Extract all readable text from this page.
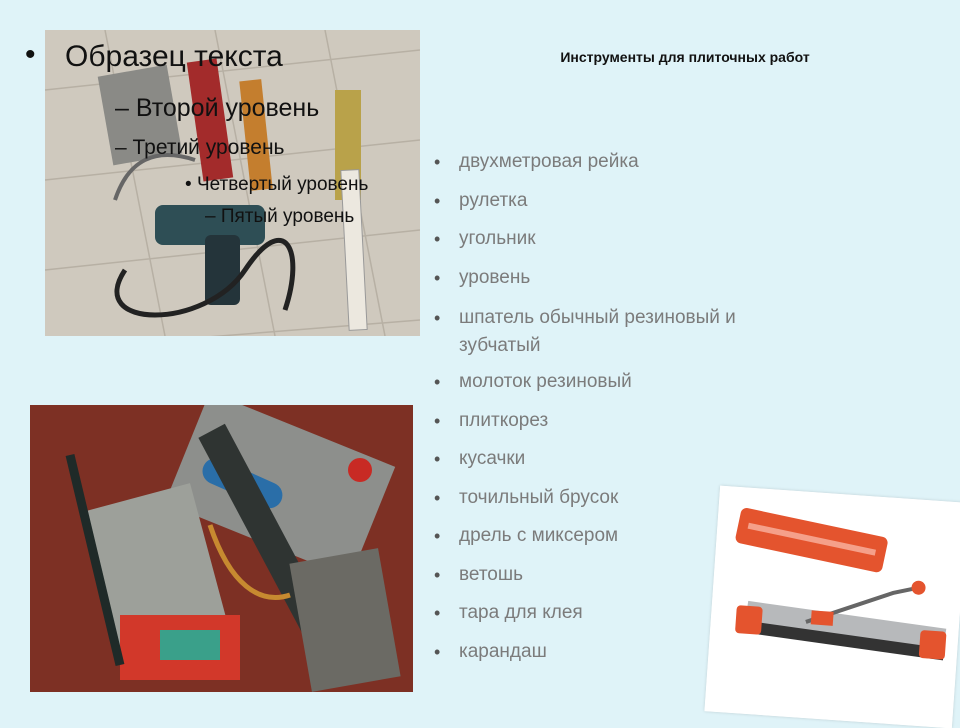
• Образец текста
– Второй уровень
– Третий уровень
• Четвертый уровень
– Пятый уровень
Инструменты для плиточных работ
• двухметровая рейка
• рулетка
• угольник
• уровень
• шпатель обычный резиновый и зубчатый
• молоток резиновый
• плиткорез
• кусачки
• точильный брусок
• дрель с миксером
• ветошь
• тара для клея
• карандаш
